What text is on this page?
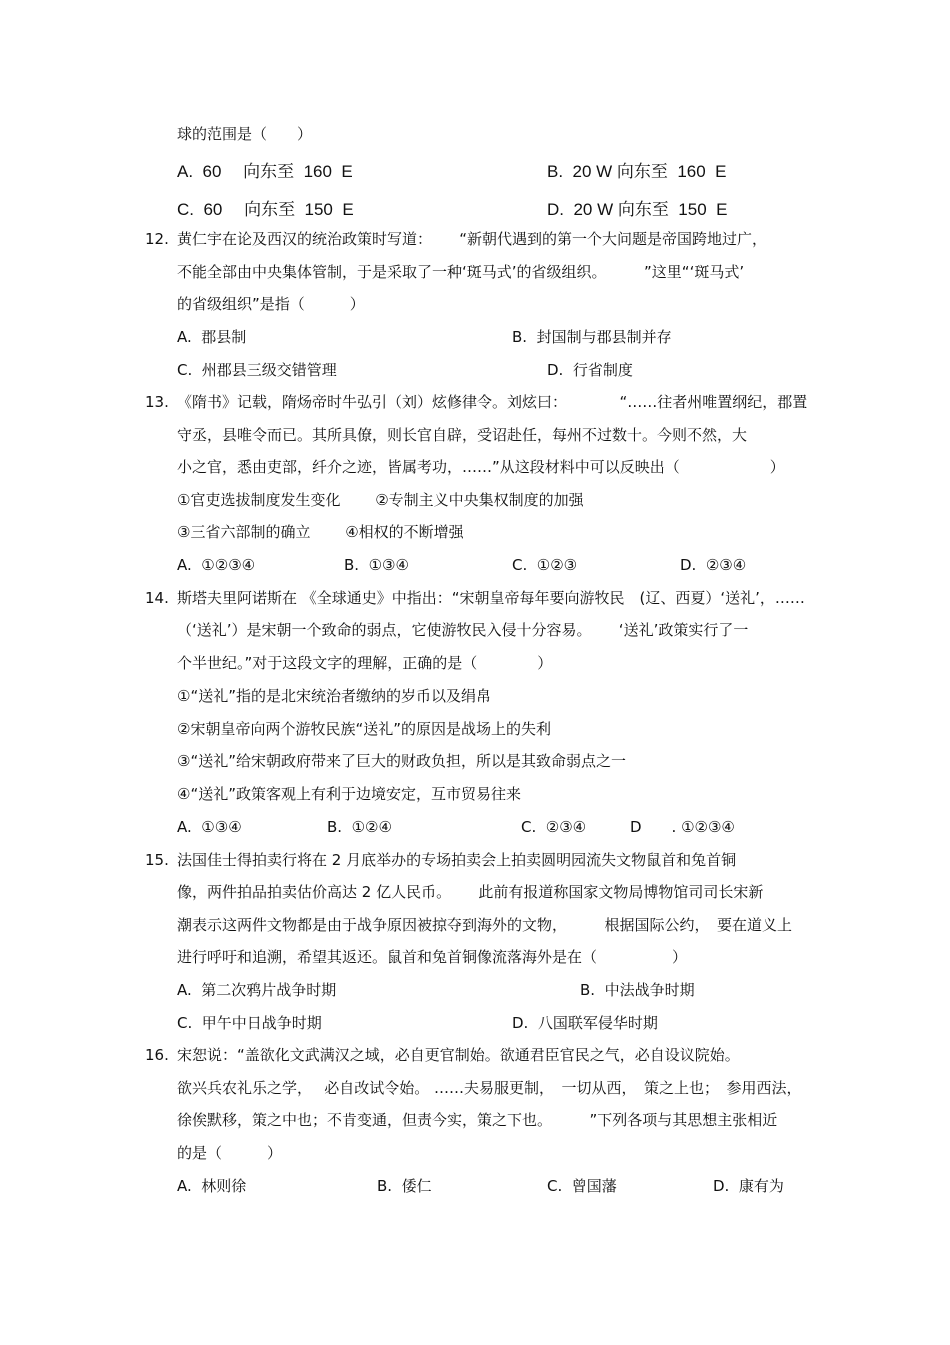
球的范围是（　　）
A.  60　 向东至  160  E	B.  20 W 向东至  160  E
C.  60　 向东至  150  E	D.  20 W 向东至  150  E
12. 黄仁宇在论及西汉的统治政策时写道：　　 “新朝代遇到的第一个大问题是帝国跨地过广，
不能全部由中央集体管制，于是采取了一种‘斑马式’的省级组织。　　　”这里“‘斑马式’
的省级组织”是指（　　　）
A.  郡县制	B.  封国制与郡县制并存
C.  州郡县三级交错管理	D.  行省制度
13. 《隋书》记载，隋炀帝时牛弘引（刘）炫修律令。刘炫曰：　　　　“……往者州唯置纲纪，郡置
守丞，县唯令而已。其所具僚，则长官自辟，受诏赴任，每州不过数十。今则不然，大
小之官，悉由吏部，纤介之迹，皆属考功，……”从这段材料中可以反映出（　　　　　　）
①官吏选拔制度发生变化　　 ②专制主义中央集权制度的加强
③三省六部制的确立　　 ④相权的不断增强
A.  ①②③④	B.  ①③④	C.  ①②③	D.  ②③④
14. 斯塔夫里阿诺斯在 《全球通史》中指出：“宋朝皇帝每年要向游牧民　(辽、西夏）‘送礼’，……
（‘送礼’）是宋朝一个致命的弱点，它使游牧民入侵十分容易。　　 ‘送礼’政策实行了一
个半世纪。”对于这段文字的理解，正确的是（　　　　）
①“送礼”指的是北宋统治者缴纳的岁币以及绢帛
②宋朝皇帝向两个游牧民族“送礼”的原因是战场上的失利
③“送礼”给宋朝政府带来了巨大的财政负担，所以是其致命弱点之一
④“送礼”政策客观上有利于边境安定，互市贸易往来
A.  ①③④	B.  ①②④	C.  ②③④	D　　. ①②③④
15. 法国佳士得拍卖行将在 2 月底举办的专场拍卖会上拍卖圆明园流失文物鼠首和兔首铜
像，两件拍品拍卖估价高达 2 亿人民币。　　 此前有报道称国家文物局博物馆司司长宋新
潮表示这两件文物都是由于战争原因被掠夺到海外的文物，　　　根据国际公约，　要在道义上
进行呼吁和追溯，希望其返还。鼠首和兔首铜像流落海外是在（　　　　　）
A.  第二次鸦片战争时期	B.  中法战争时期
C.  甲午中日战争时期	D.  八国联军侵华时期
16. 宋恕说：“盖欲化文武满汉之域，必自更官制始。欲通君臣官民之气，必自设议院始。
欲兴兵农礼乐之学，　 必自改试令始。 ……夫易服更制，　一切从西，　策之上也；　参用西法，
徐俟默移，策之中也；不肯变通，但责今实，策之下也。　　　”下列各项与其思想主张相近
的是（　　　）
A.  林则徐	B.  倭仁	C.  曾国藩	D.  康有为
